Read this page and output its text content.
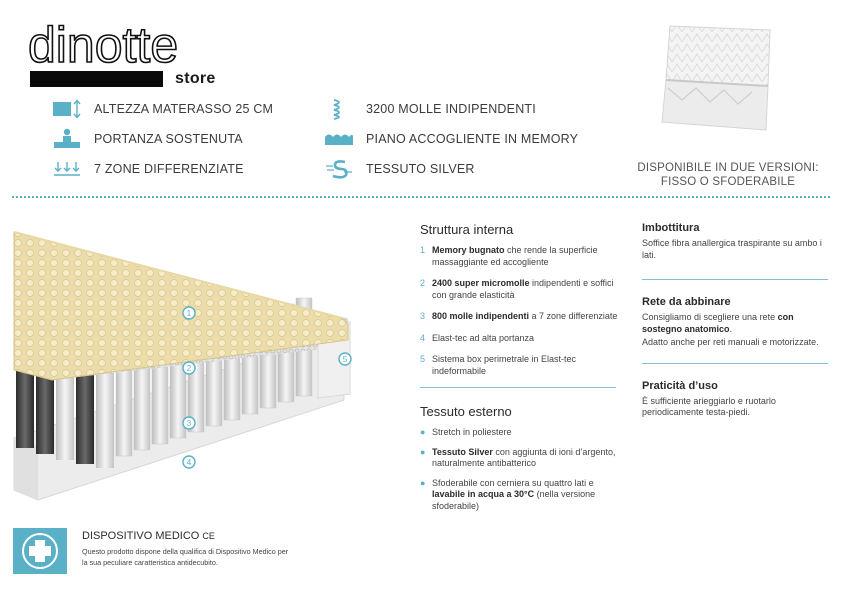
dinotte
store
ALTEZZA MATERASSO 25 CM
PORTANZA SOSTENUTA
7 ZONE DIFFERENZIATE
3200 MOLLE INDIPENDENTI
PIANO ACCOGLIENTE IN MEMORY
TESSUTO SILVER	DISPONIBILE IN DUE VERSIONI:
FISSO O SFODERABILE
1
2
3
4
5
Struttura interna
1 Memory bugnato che rende la superficie massaggiante ed accogliente
2 2400 super micromolle indipendenti e soffici con grande elasticità
3 800 molle indipendenti a 7 zone differenziate
4 Elast-tec ad alta portanza
5 Sistema box perimetrale in Elast-tec indeformabile
Tessuto esterno
● Stretch in poliestere
● Tessuto Silver con aggiunta di ioni d’argento, naturalmente antibatterico
● Sfoderabile con cerniera su quattro lati e lavabile in acqua a 30°C (nella versione sfoderabile)
Imbottitura

Soffice fibra anallergica traspirante su ambo i lati.

Rete da abbinare

Consigliamo di scegliere una rete con sostegno anatomico.

Adatto anche per reti manuali e motorizzate.

Praticità d’uso

È sufficiente arieggiarlo e ruotarlo periodicamente testa-piedi.

DISPOSITIVO MEDICO CE
Questo prodotto dispone della qualifica di Dispositivo Medico per la sua peculiare caratteristica antidecubito.
